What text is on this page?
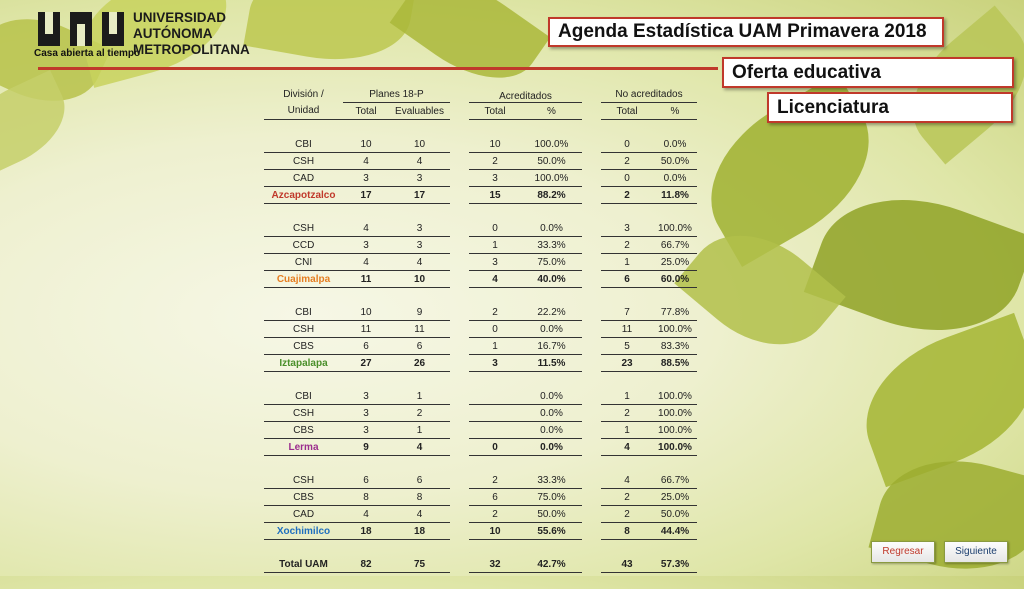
Casa abierta al tiempo
UNIVERSIDAD
AUTÓNOMA
METROPOLITANA
Agenda Estadística UAM Primavera 2018
Oferta educativa
Licenciatura
División /	Planes 18-P			Acreditados			No acreditados	
Unidad	Total	Evaluables		Total	%		Total	%

CBI	10	10		10	100.0%		0	0.0%
CSH	4	4		2	50.0%		2	50.0%
CAD	3	3		3	100.0%		0	0.0%
Azcapotzalco	17	17		15	88.2%		2	11.8%

CSH	4	3		0	0.0%		3	100.0%
CCD	3	3		1	33.3%		2	66.7%
CNI	4	4		3	75.0%		1	25.0%
Cuajimalpa	11	10		4	40.0%		6	60.0%

CBI	10	9		2	22.2%		7	77.8%
CSH	11	11		0	0.0%		11	100.0%
CBS	6	6		1	16.7%		5	83.3%
Iztapalapa	27	26		3	11.5%		23	88.5%

CBI	3	1			0.0%		1	100.0%
CSH	3	2			0.0%		2	100.0%
CBS	3	1			0.0%		1	100.0%
Lerma	9	4		0	0.0%		4	100.0%

CSH	6	6		2	33.3%		4	66.7%
CBS	8	8		6	75.0%		2	25.0%
CAD	4	4		2	50.0%		2	50.0%
Xochimilco	18	18		10	55.6%		8	44.4%

Total UAM	82	75		32	42.7%		43	57.3%
Regresar	Siguiente
